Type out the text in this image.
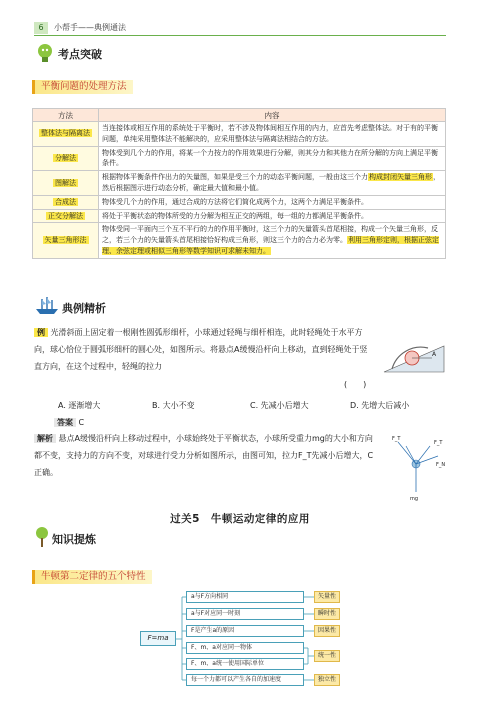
6	小帮手——典例通法
考点突破
平衡问题的处理方法
方法	内容
整体法与隔离法	当连接体或相互作用的系统处于平衡时，若不涉及物体间相互作用的内力，应首先考虑整体法。对于有的平衡问题，单纯采用整体法不能解决的，应采用整体法与隔离法相结合的方法。
分解法	物体受到几个力的作用，将某一个力按力的作用效果进行分解，则其分力和其他力在所分解的方向上满足平衡条件。
图解法	根据物体平衡条件作出力的矢量图，如果是受三个力的动态平衡问题，一般由这三个力构成封闭矢量三角形，然后根据图示进行动态分析，确定最大值和最小值。
合成法	物体受几个力的作用，通过合成的方法将它们简化成两个力，这两个力满足平衡条件。
正交分解法	将处于平衡状态的物体所受的力分解为相互正交的两组，每一组的力都满足平衡条件。
矢量三角形法	物体受同一平面内三个互不平行的力的作用平衡时，这三个力的矢量箭头首尾相接，构成一个矢量三角形，反之，若三个力的矢量箭头首尾相接恰好构成三角形，则这三个力的合力必为零。利用三角形定则，根据正弦定理、余弦定理或相似三角形等数学知识可求解未知力。
典例精析
例 光滑斜面上固定着一根刚性圆弧形细杆，小球通过轻绳与细杆相连，此时轻绳处于水平方向，球心恰位于圆弧形细杆的圆心处，如图所示。将悬点A缓慢沿杆向上移动，直到轻绳处于竖直方向，在这个过程中，轻绳的拉力
(　　)
A
A. 逐渐增大	B. 大小不变	C. 先减小后增大	D. 先增大后减小
答案 C
解析 悬点A缓慢沿杆向上移动过程中，小球始终处于平衡状态，小球所受重力mg的大小和方向都不变，支持力的方向不变，对球进行受力分析如图所示，由图可知，拉力F_T先减小后增大，C正确。
F_T
F_T
F_N
mg
过关5　牛顿运动定律的应用
知识提炼
牛顿第二定律的五个特性
F=ma
a与F方向相同
a与F对应同一时刻
F是产生a的原因
F、m、a对应同一物体
F、m、a统一使用国际单位
每一个力都可以产生各自的加速度
矢量性
瞬时性
因果性
统一性
独立性
